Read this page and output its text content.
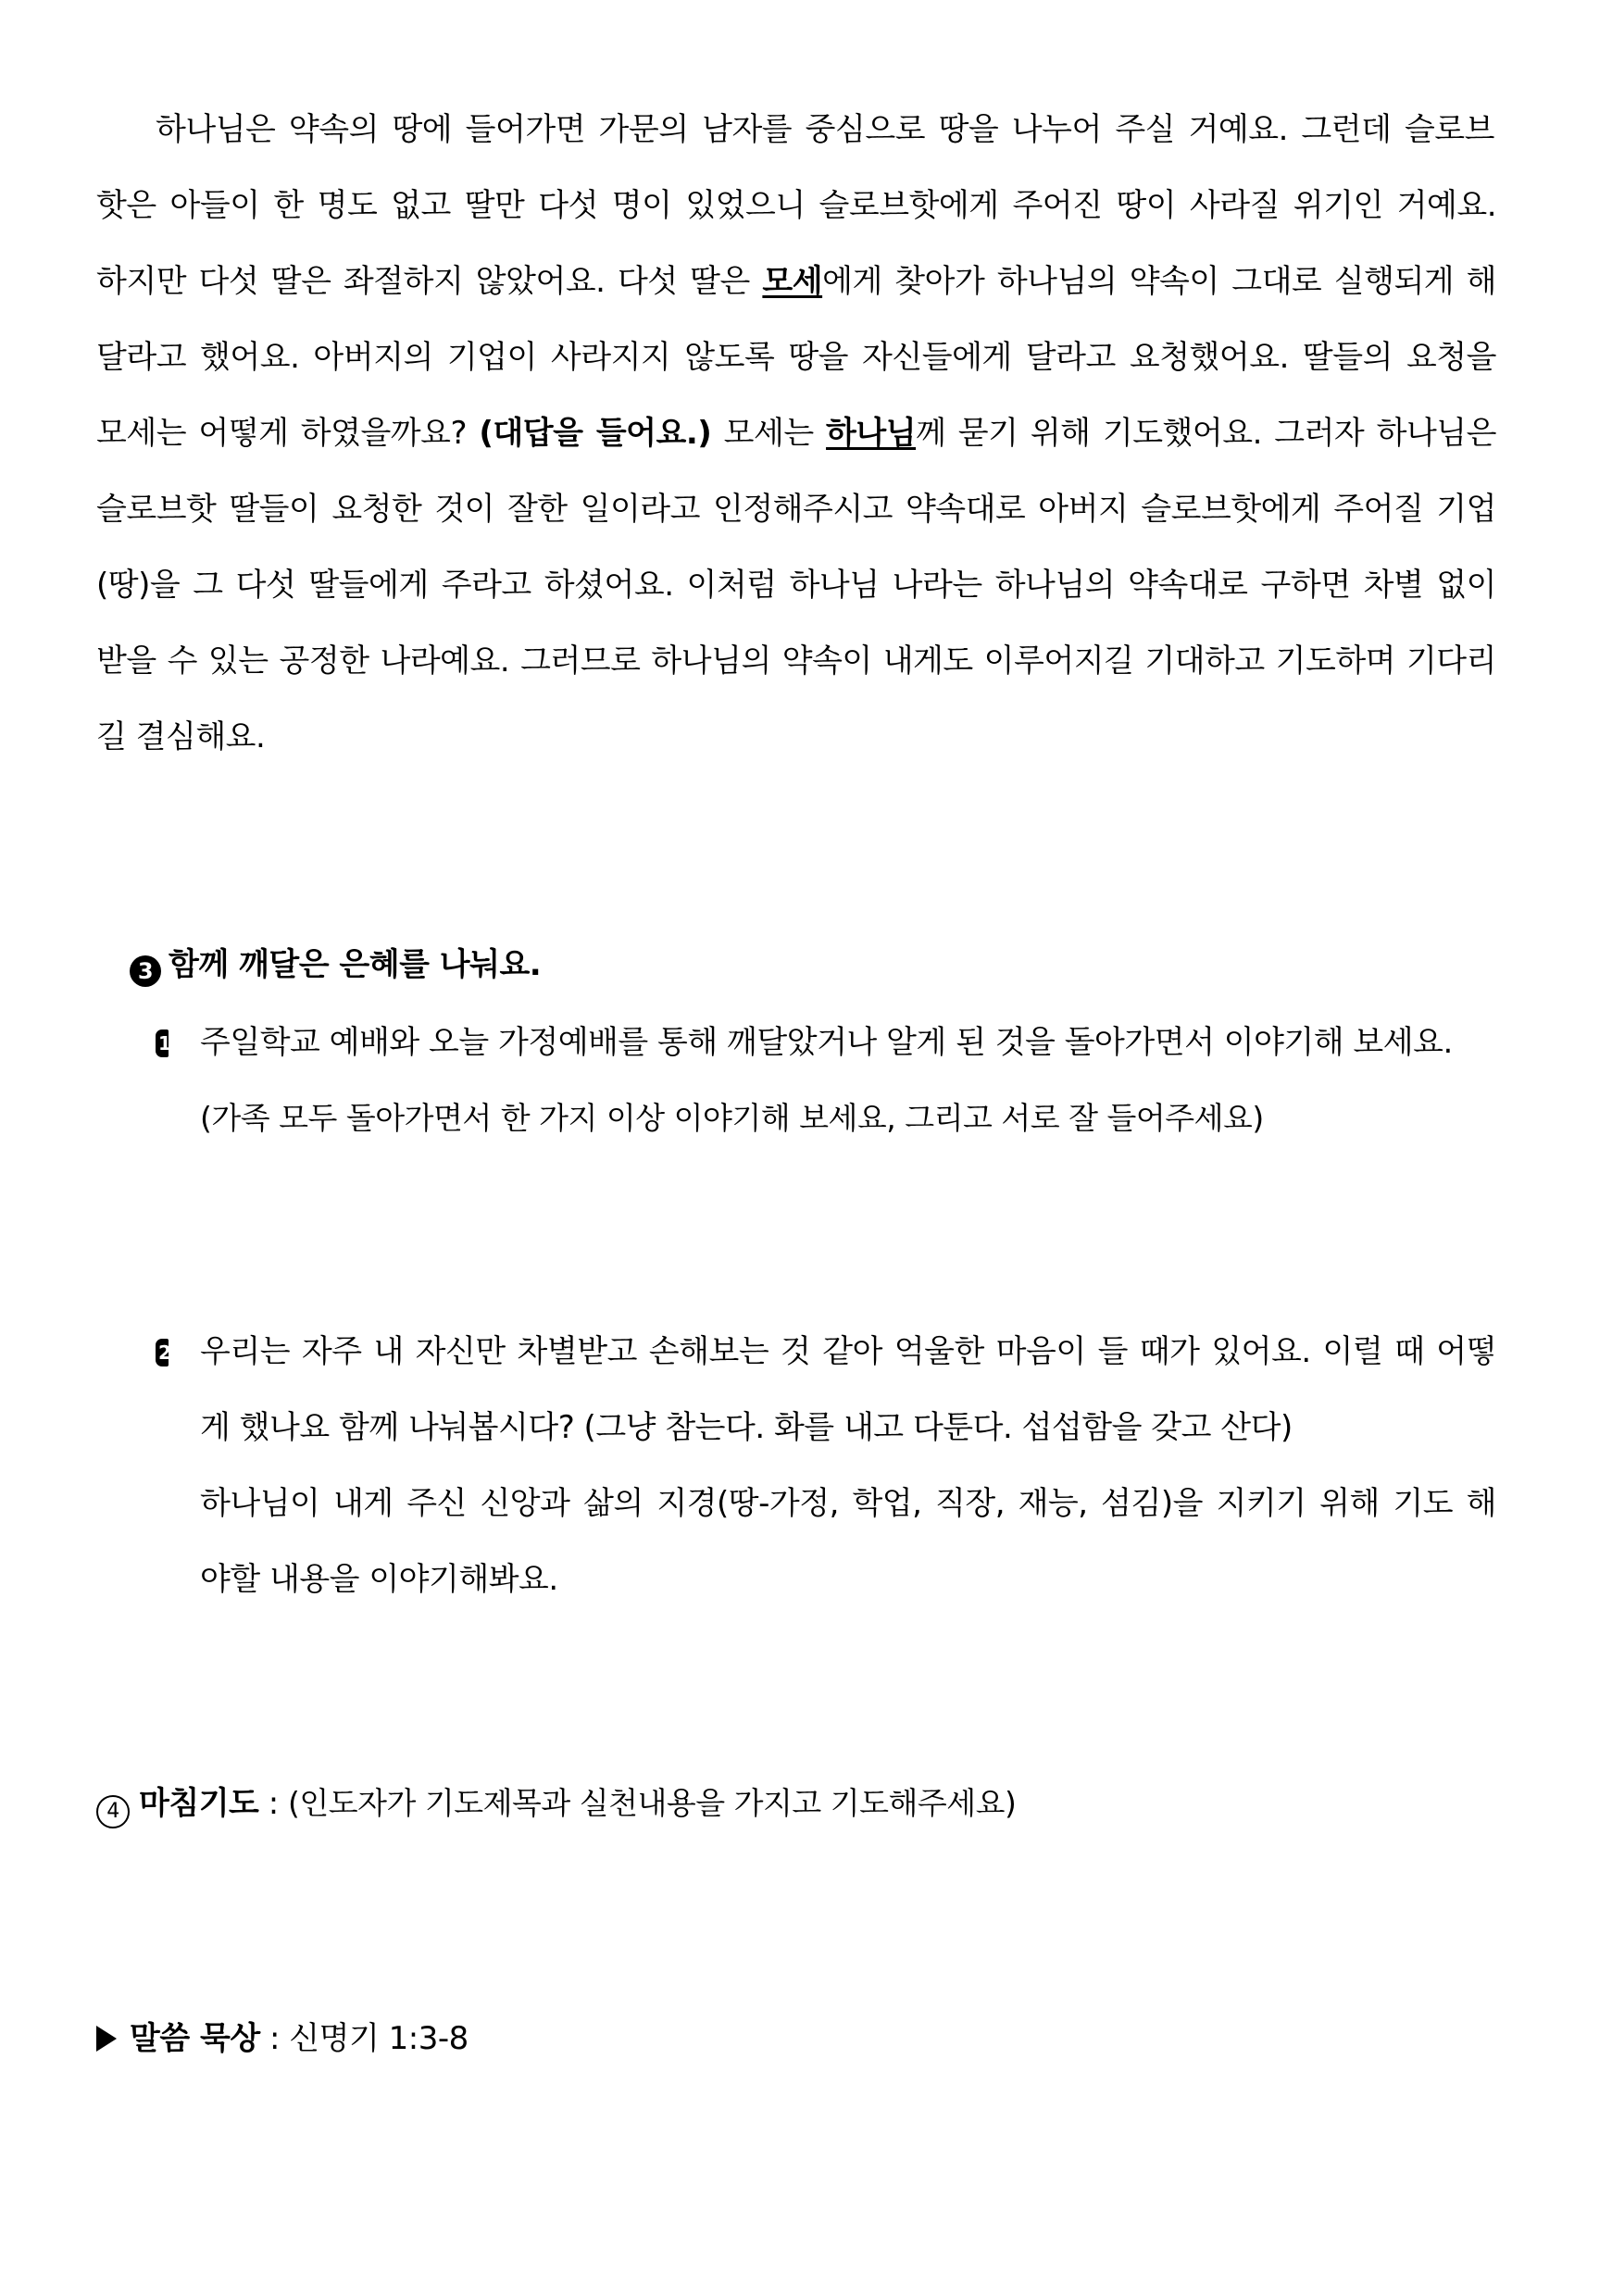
하나님은 약속의 땅에 들어가면 가문의 남자를 중심으로 땅을 나누어 주실 거예요. 그런데 슬로브
핫은 아들이 한 명도 없고 딸만 다섯 명이 있었으니 슬로브핫에게 주어진 땅이 사라질 위기인 거예요.
하지만 다섯 딸은 좌절하지 않았어요. 다섯 딸은 모세에게 찾아가 하나님의 약속이 그대로 실행되게 해
달라고 했어요. 아버지의 기업이 사라지지 않도록 땅을 자신들에게 달라고 요청했어요. 딸들의 요청을
모세는 어떻게 하였을까요? (대답을 들어요.) 모세는 하나님께 묻기 위해 기도했어요. 그러자 하나님은
슬로브핫 딸들이 요청한 것이 잘한 일이라고 인정해주시고 약속대로 아버지 슬로브핫에게 주어질 기업
(땅)을 그 다섯 딸들에게 주라고 하셨어요. 이처럼 하나님 나라는 하나님의 약속대로 구하면 차별 없이
받을 수 있는 공정한 나라예요. 그러므로 하나님의 약속이 내게도 이루어지길 기대하고 기도하며 기다리
길 결심해요.
3 함께 깨달은 은혜를 나눠요.
1 주일학교 예배와 오늘 가정예배를 통해 깨달았거나 알게 된 것을 돌아가면서 이야기해 보세요.
(가족 모두 돌아가면서 한 가지 이상 이야기해 보세요, 그리고 서로 잘 들어주세요)
2 우리는 자주 내 자신만 차별받고 손해보는 것 같아 억울한 마음이 들 때가 있어요. 이럴 때 어떻
게 했나요 함께 나눠봅시다? (그냥 참는다. 화를 내고 다툰다. 섭섭함을 갖고 산다)
하나님이 내게 주신 신앙과 삶의 지경(땅-가정, 학업, 직장, 재능, 섬김)을 지키기 위해 기도 해
야할 내용을 이야기해봐요.
4 마침기도 : (인도자가 기도제목과 실천내용을 가지고 기도해주세요)
말씀 묵상 : 신명기 1:3-8
